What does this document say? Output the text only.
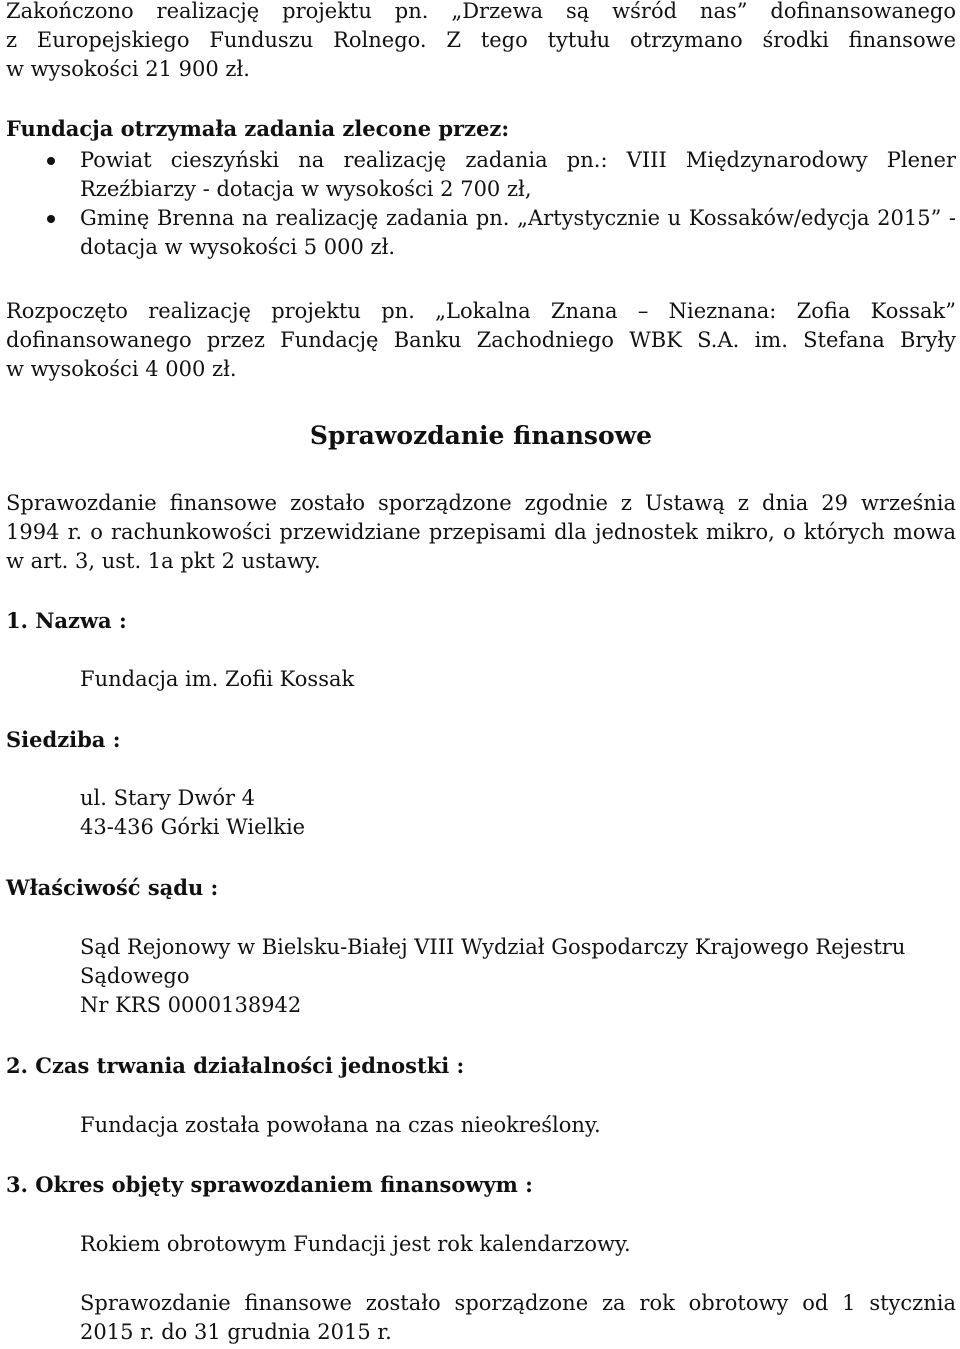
Zakończono realizację projektu pn. „Drzewa są wśród nas” dofinansowanego
z Europejskiego Funduszu Rolnego. Z tego tytułu otrzymano środki finansowe
w wysokości 21 900 zł.
Fundacja otrzymała zadania zlecone przez:
Powiat cieszyński na realizację zadania pn.: VIII Międzynarodowy Plener
Rzeźbiarzy - dotacja w wysokości 2 700 zł,
Gminę Brenna na realizację zadania pn. „Artystycznie u Kossaków/edycja 2015” -
dotacja w wysokości 5 000 zł.
Rozpoczęto realizację projektu pn. „Lokalna Znana – Nieznana: Zofia Kossak”
dofinansowanego przez Fundację Banku Zachodniego WBK S.A. im. Stefana Bryły
w wysokości 4 000 zł.
Sprawozdanie finansowe
Sprawozdanie finansowe zostało sporządzone zgodnie z Ustawą z dnia 29 września
1994 r. o rachunkowości przewidziane przepisami dla jednostek mikro, o których mowa
w art. 3, ust. 1a pkt 2 ustawy.
1. Nazwa :
Fundacja im. Zofii Kossak
Siedziba :
ul. Stary Dwór 4
43-436 Górki Wielkie
Właściwość sądu :
Sąd Rejonowy w Bielsku-Białej VIII Wydział Gospodarczy Krajowego Rejestru
Sądowego
Nr KRS 0000138942
2. Czas trwania działalności jednostki :
Fundacja została powołana na czas nieokreślony.
3. Okres objęty sprawozdaniem finansowym :
Rokiem obrotowym Fundacji jest rok kalendarzowy.
Sprawozdanie finansowe zostało sporządzone za rok obrotowy od 1 stycznia
2015 r. do 31 grudnia 2015 r.
